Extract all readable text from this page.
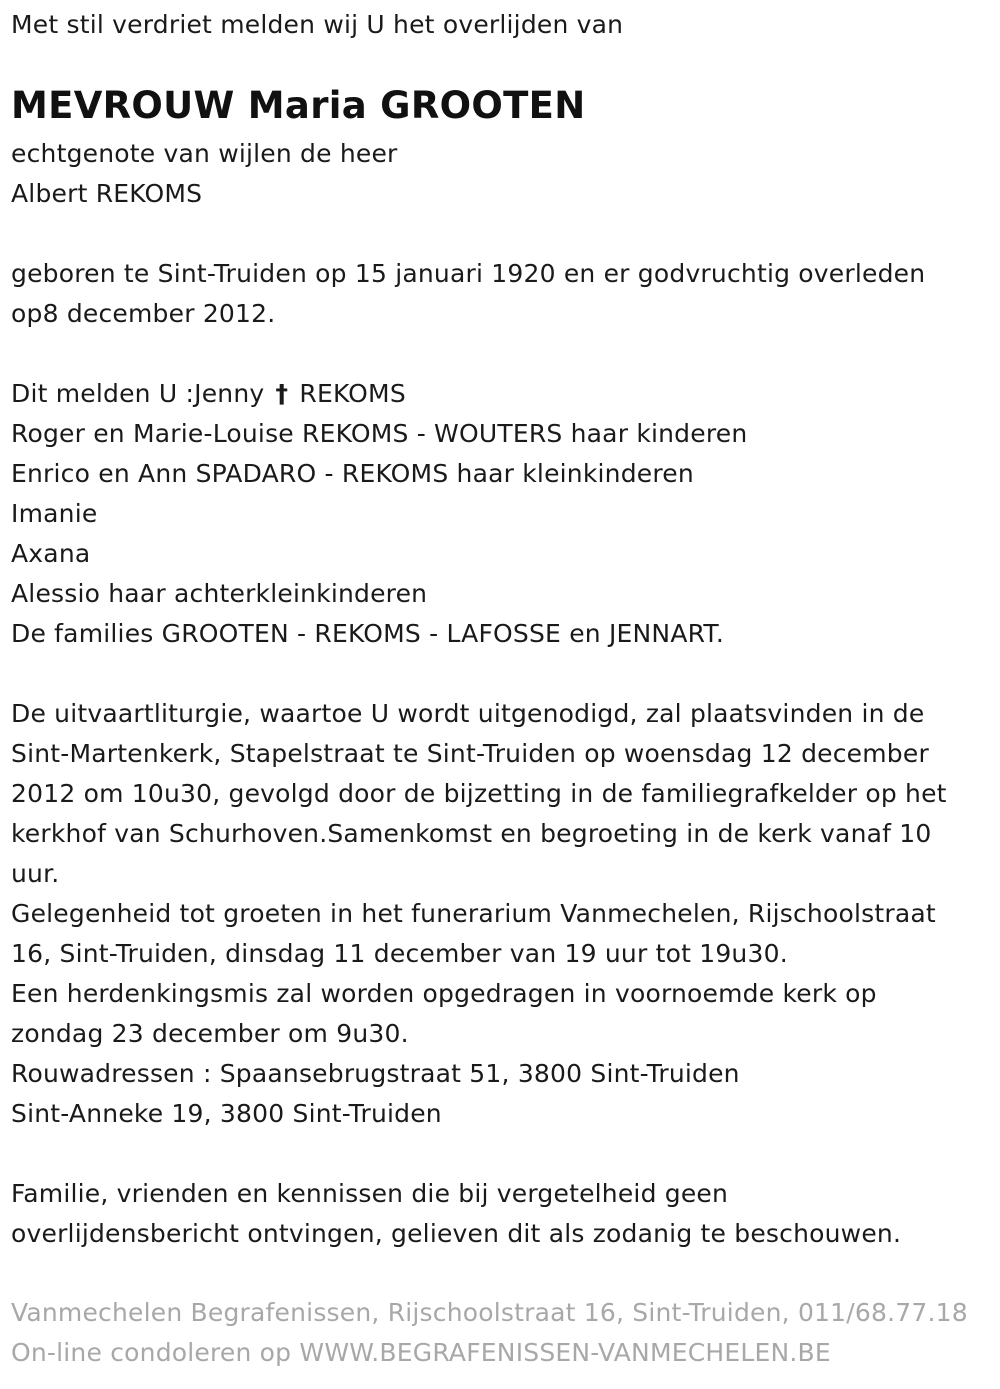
Met stil verdriet melden wij U het overlijden van
MEVROUW Maria GROOTEN
echtgenote van wijlen de heer
Albert REKOMS
geboren te Sint-Truiden op 15 januari 1920 en er godvruchtig overleden
op8 december 2012.
Dit melden U :Jenny † REKOMS
Roger en Marie-Louise REKOMS - WOUTERS haar kinderen
Enrico en Ann SPADARO - REKOMS haar kleinkinderen
Imanie
Axana
Alessio haar achterkleinkinderen
De families GROOTEN - REKOMS - LAFOSSE en JENNART.
De uitvaartliturgie, waartoe U wordt uitgenodigd, zal plaatsvinden in de
Sint-Martenkerk, Stapelstraat te Sint-Truiden op woensdag 12 december
2012 om 10u30, gevolgd door de bijzetting in de familiegrafkelder op het
kerkhof van Schurhoven.Samenkomst en begroeting in de kerk vanaf 10
uur.
Gelegenheid tot groeten in het funerarium Vanmechelen, Rijschoolstraat
16, Sint-Truiden, dinsdag 11 december van 19 uur tot 19u30.
Een herdenkingsmis zal worden opgedragen in voornoemde kerk op
zondag 23 december om 9u30.
Rouwadressen : Spaansebrugstraat 51, 3800 Sint-Truiden
Sint-Anneke 19, 3800 Sint-Truiden
Familie, vrienden en kennissen die bij vergetelheid geen
overlijdensbericht ontvingen, gelieven dit als zodanig te beschouwen.
Vanmechelen Begrafenissen, Rijschoolstraat 16, Sint-Truiden, 011/68.77.18
On-line condoleren op WWW.BEGRAFENISSEN-VANMECHELEN.BE
